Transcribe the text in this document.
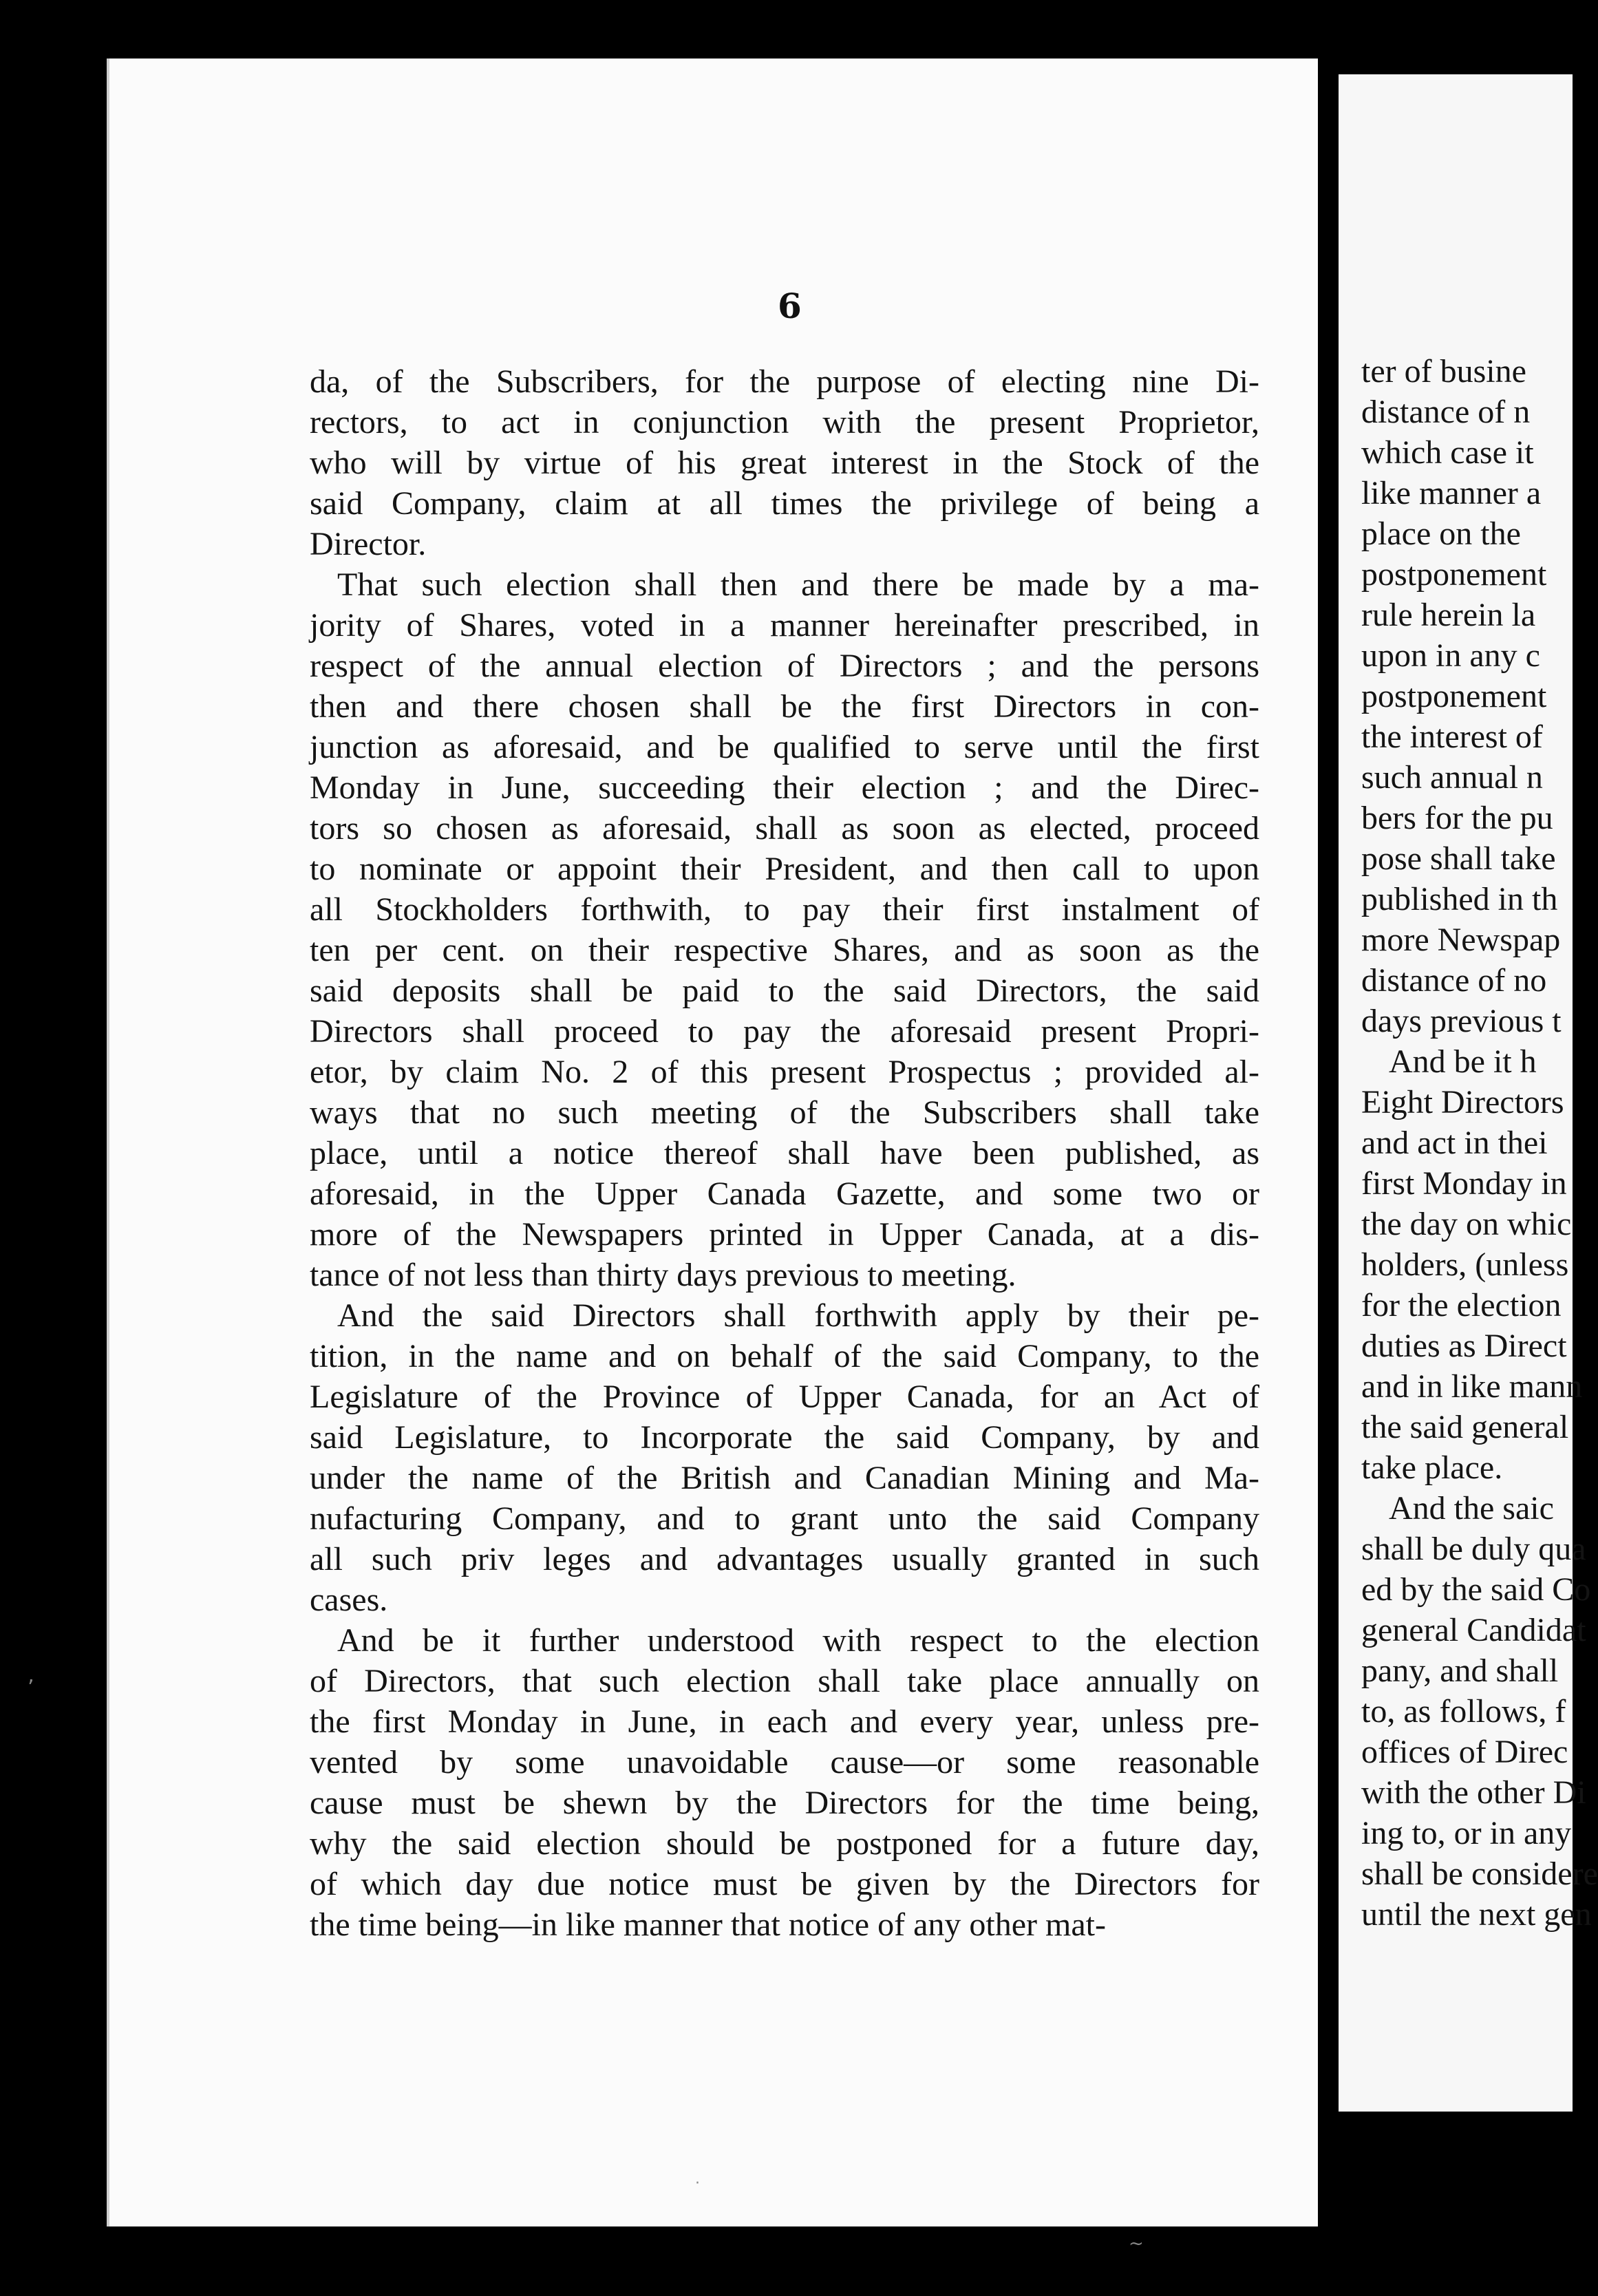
6

da, of the Subscribers, for the purpose of electing nine Di-
rectors, to act in conjunction with the present Proprietor,
who will by virtue of his great interest in the Stock of the
said Company, claim at all times the privilege of being a
Director.

That such election shall then and there be made by a ma-
jority of Shares, voted in a manner hereinafter prescribed, in
respect of the annual election of Directors ; and the persons
then and there chosen shall be the first Directors in con-
junction as aforesaid, and be qualified to serve until the first
Monday in June, succeeding their election ; and the Direc-
tors so chosen as aforesaid, shall as soon as elected, proceed
to nominate or appoint their President, and then call to upon
all Stockholders forthwith, to pay their first instalment of
ten per cent. on their respective Shares, and as soon as the
said deposits shall be paid to the said Directors, the said
Directors shall proceed to pay the aforesaid present Propri-
etor, by claim No. 2 of this present Prospectus ; provided al-
ways that no such meeting of the Subscribers shall take
place, until a notice thereof shall have been published, as
aforesaid, in the Upper Canada Gazette, and some two or
more of the Newspapers printed in Upper Canada, at a dis-
tance of not less than thirty days previous to meeting.

And the said Directors shall forthwith apply by their pe-
tition, in the name and on behalf of the said Company, to the
Legislature of the Province of Upper Canada, for an Act of
said Legislature, to Incorporate the said Company, by and
under the name of the British and Canadian Mining and Ma-
nufacturing Company, and to grant unto the said Company
all such priv leges and advantages usually granted in such
cases.

And be it further understood with respect to the election
of Directors, that such election shall take place annually on
the first Monday in June, in each and every year, unless pre-
vented by some unavoidable cause—or some reasonable
cause must be shewn by the Directors for the time being,
why the said election should be postponed for a future day,
of which day due notice must be given by the Directors for
the time being—in like manner that notice of any other mat-

ter of busine
distance of n
which case it
like manner a
place on the
postponement
rule herein la
upon in any c
postponement
the interest of
such annual n
bers for the pu
pose shall take
published in th
more Newspap
distance of no
days previous t
And be it h
Eight Directors
and act in thei
first Monday in
the day on whic
holders, (unless
for the election
duties as Direct
and in like mann
the said general
take place.
And the saic
shall be duly qua
ed by the said Co
general Candidat
pany, and shall
to, as follows, f
offices of Direc
with the other Di
ing to, or in any
shall be considere
until the next gen
ʼ
·
~
